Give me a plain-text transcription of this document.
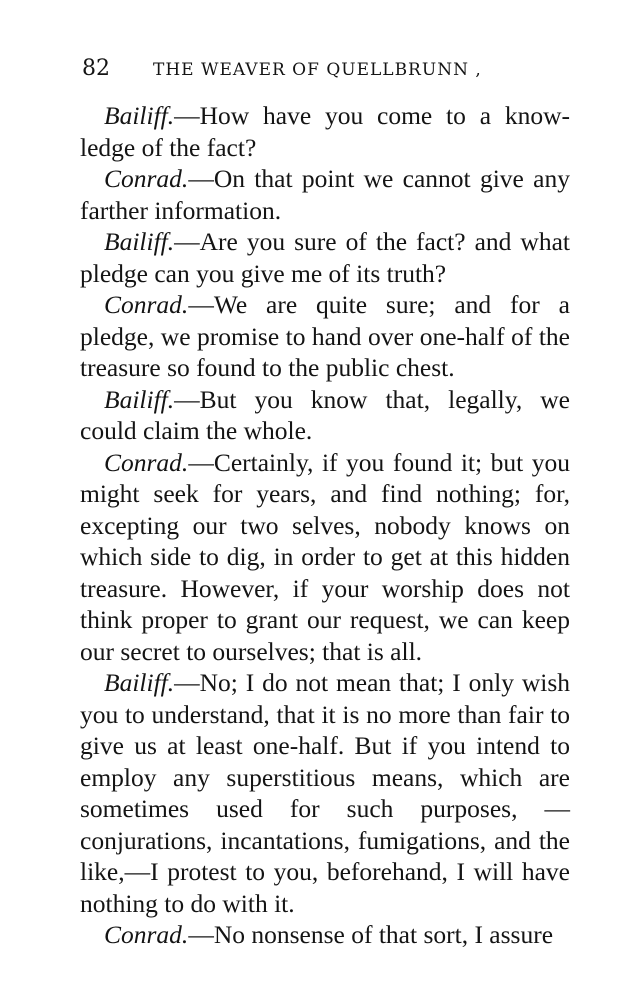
82	THE WEAVER OF QUELLBRUNN ,

Bailiff.—How have you come to a knowledge of the fact?

Conrad.—On that point we cannot give any farther information.

Bailiff.—Are you sure of the fact? and what pledge can you give me of its truth?

Conrad.—We are quite sure; and for a pledge, we promise to hand over one-half of the treasure so found to the public chest.

Bailiff.—But you know that, legally, we could claim the whole.

Conrad.—Certainly, if you found it; but you might seek for years, and find nothing; for, excepting our two selves, nobody knows on which side to dig, in order to get at this hidden treasure. However, if your worship does not think proper to grant our request, we can keep our secret to ourselves; that is all.

Bailiff.—No; I do not mean that; I only wish you to understand, that it is no more than fair to give us at least one-half. But if you intend to employ any superstitious means, which are sometimes used for such purposes, —conjurations, incantations, fumigations, and the like,—I protest to you, beforehand, I will have nothing to do with it.

Conrad.—No nonsense of that sort, I assure
